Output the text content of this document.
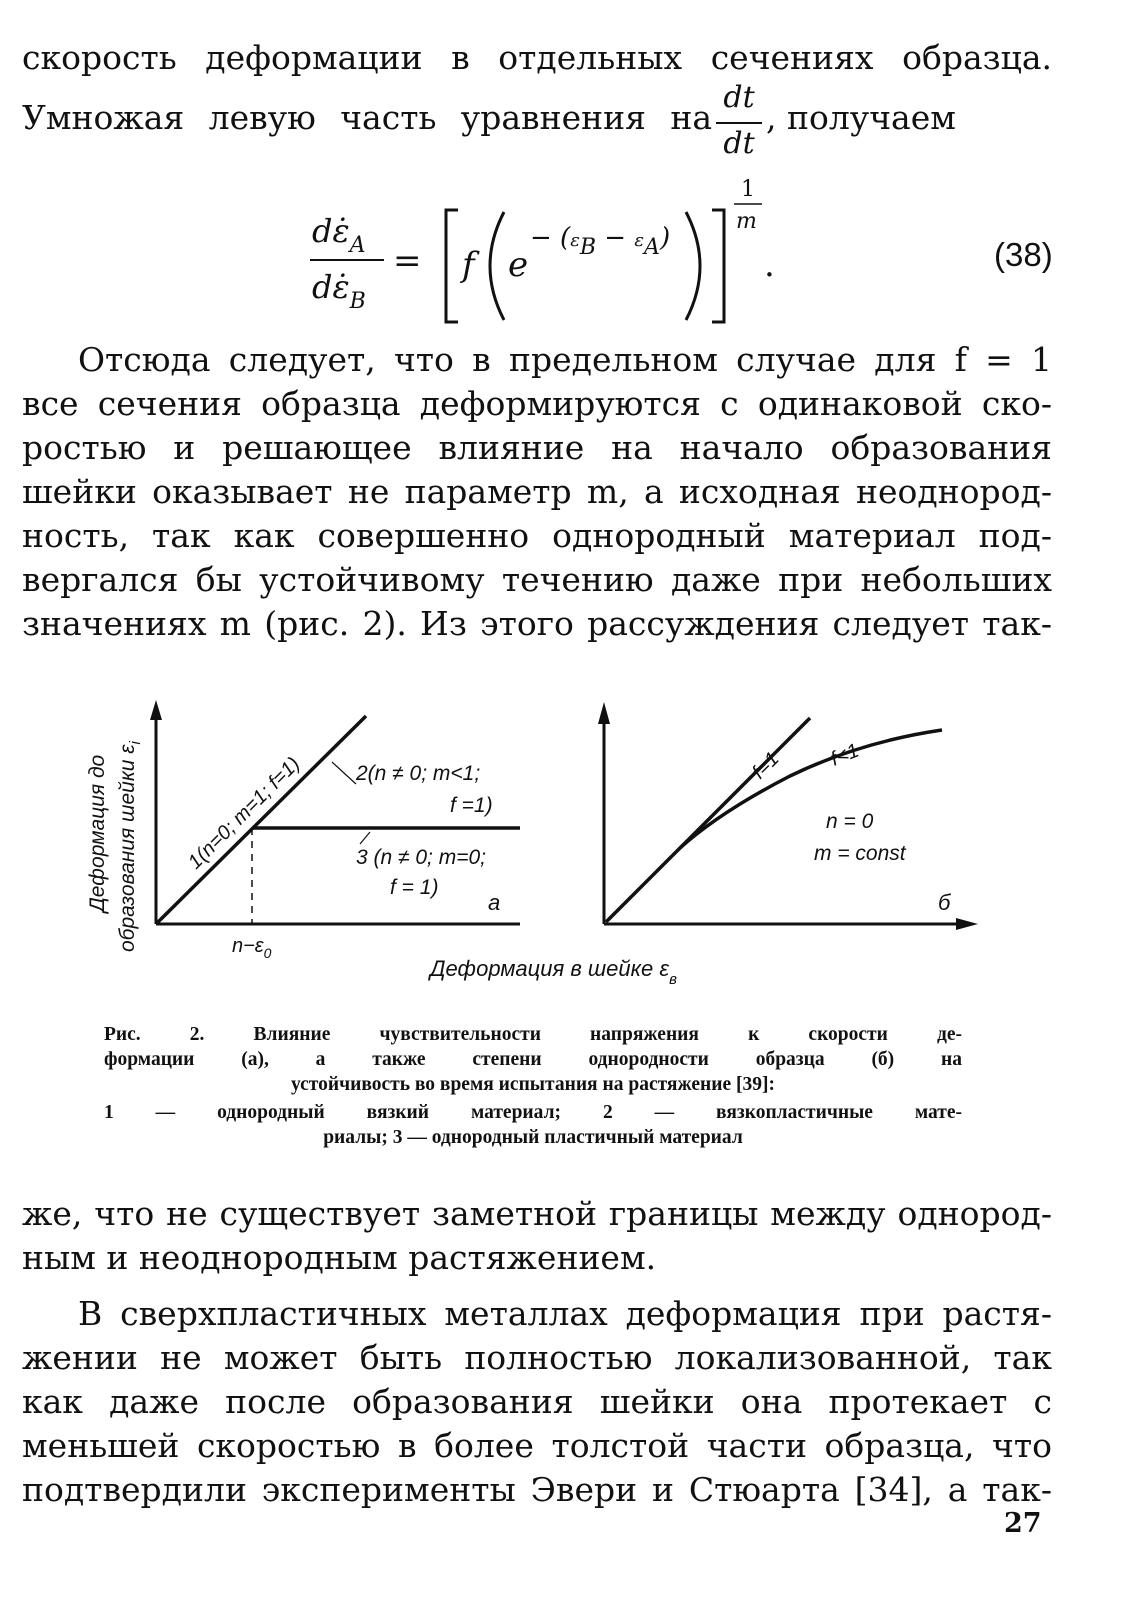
скорость деформации в отдельных сечениях образца.
Умножая левую часть уравнения на
dt
dt
, получаем
$d\varepsiloṅ_A$
$d\varepsiloṅ_B$
= f e
− $(\varepsilon_B - \varepsilon_A)$
1
m
.	(38)
Отсюда следует, что в предельном случае для f = 1
все сечения образца деформируются с одинаковой ско-
ростью и решающее влияние на начало образования
шейки оказывает не параметр m, а исходная неоднород-
ность, так как совершенно однородный материал под-
вергался бы устойчивому течению даже при небольших
значениях m (рис. 2). Из этого рассуждения следует так-
Деформация до образования шейки $\varepsilon_i$
1(n=0; m=1; f=1) 2(n ≠ 0; m<1;
f =1)
3 (n ≠ 0; m=0;
f = 1)
а
$n-\varepsilon_0$
f=1 f<1
n = 0
m = const
б
Деформация в шейке $\varepsilon_в$
Рис. 2. Влияние чувствительности напряжения к скорости де-
формации (а), а также степени однородности образца (б) на
устойчивость во время испытания на растяжение [39]:
1 — однородный вязкий материал; 2 — вязкопластичные мате-
риалы; 3 — однородный пластичный материал
же, что не существует заметной границы между однород-
ным и неоднородным растяжением.
В сверхпластичных металлах деформация при растя-
жении не может быть полностью локализованной, так
как даже после образования шейки она протекает с
меньшей скоростью в более толстой части образца, что
подтвердили эксперименты Эвери и Стюарта [34], а так-
27
